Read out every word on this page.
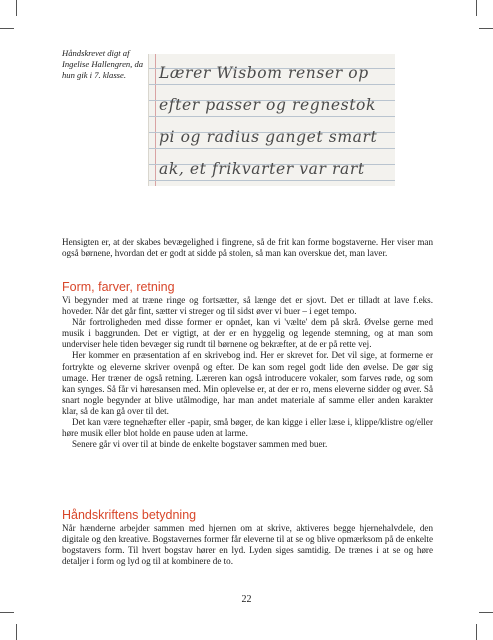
Håndskrevet digt af Ingelise Hallengren, da hun gik i 7. klasse.	Lærer Wisbom renser op
efter passer og regnestok
pi og radius ganget smart
ak, et frikvarter var rart

Hensigten er, at der skabes bevægelighed i fingrene, så de frit kan forme bogstaverne. Her viser man også børnene, hvordan det er godt at sidde på stolen, så man kan overskue det, man laver.

Form, farver, retning

Vi begynder med at træne ringe og fortsætter, så længe det er sjovt. Det er tilladt at lave f.eks. hoveder. Når det går fint, sætter vi streger og til sidst øver vi buer – i eget tempo.

Når fortroligheden med disse former er opnået, kan vi 'vælte' dem på skrå. Øvelse gerne med musik i baggrunden. Det er vigtigt, at der er en hyggelig og legende stemning, og at man som underviser hele tiden bevæger sig rundt til børnene og bekræfter, at de er på rette vej.

Her kommer en præsentation af en skrivebog ind. Her er skrevet for. Det vil sige, at formerne er fortrykte og eleverne skriver ovenpå og efter. De kan som regel godt lide den øvelse. De gør sig umage. Her træner de også retning. Læreren kan også introducere vokaler, som farves røde, og som kan synges. Så får vi høresansen med. Min oplevelse er, at der er ro, mens eleverne sidder og øver. Så snart nogle begynder at blive utålmodige, har man andet materiale af samme eller anden karakter klar, så de kan gå over til det.

Det kan være tegnehæfter eller -papir, små bøger, de kan kigge i eller læse i, klippe/klistre og/eller høre musik eller blot holde en pause uden at larme.

Senere går vi over til at binde de enkelte bogstaver sammen med buer.

Håndskriftens betydning

Når hænderne arbejder sammen med hjernen om at skrive, aktiveres begge hjernehalvdele, den digitale og den kreative. Bogstavernes former får eleverne til at se og blive opmærksom på de enkelte bogstavers form. Til hvert bogstav hører en lyd. Lyden siges samtidig. De trænes i at se og høre detaljer i form og lyd og til at kombinere de to.

22
